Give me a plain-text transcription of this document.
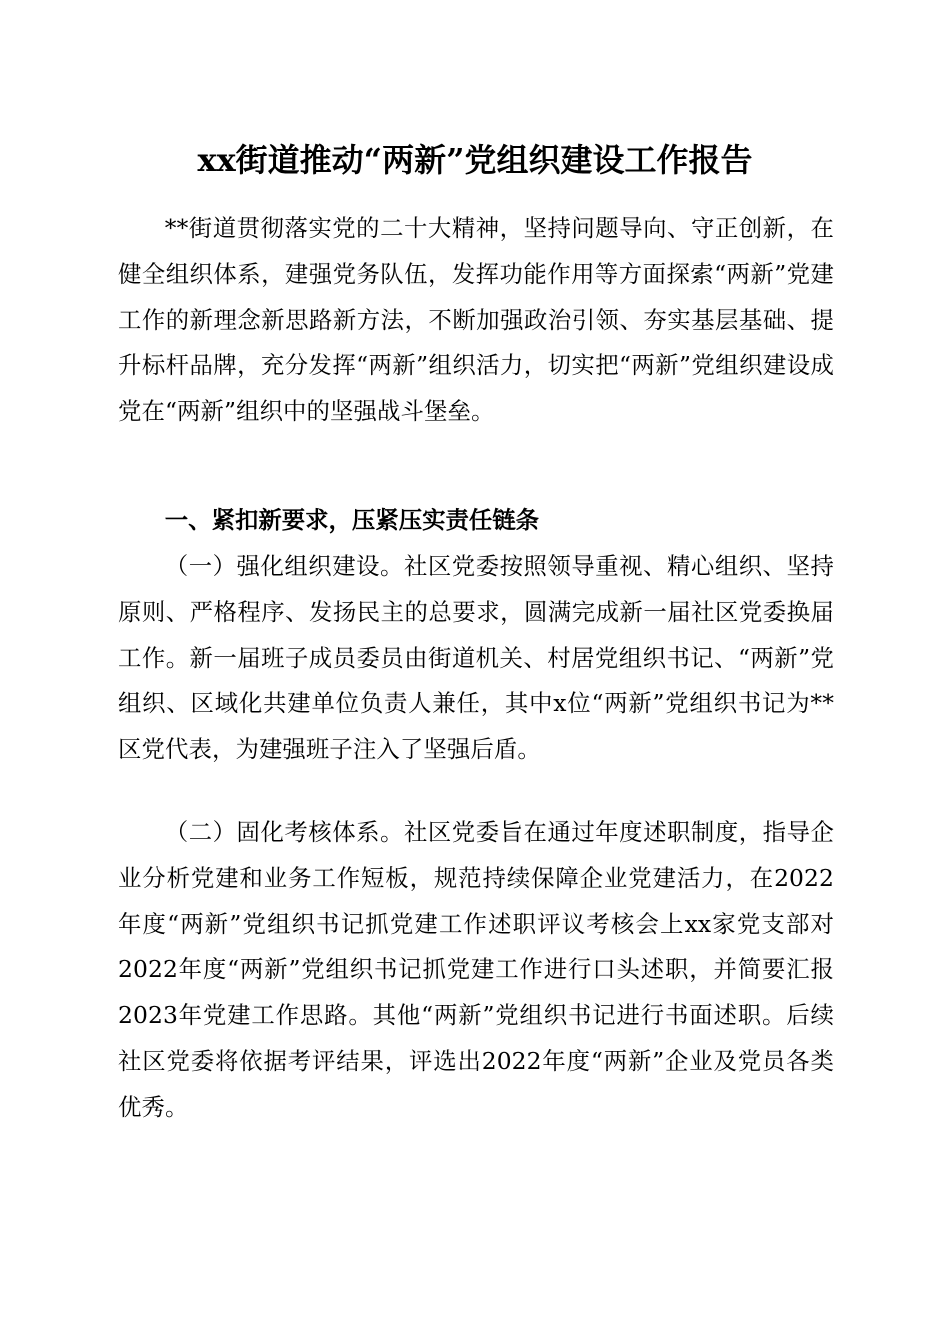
xx街道推动“两新”党组织建设工作报告

**街道贯彻落实党的二十大精神，坚持问题导向、守正创新，在健全组织体系，建强党务队伍，发挥功能作用等方面探索“两新”党建工作的新理念新思路新方法，不断加强政治引领、夯实基层基础、提升标杆品牌，充分发挥“两新”组织活力，切实把“两新”党组织建设成党在“两新”组织中的坚强战斗堡垒。

一、紧扣新要求，压紧压实责任链条

（一）强化组织建设。社区党委按照领导重视、精心组织、坚持原则、严格程序、发扬民主的总要求，圆满完成新一届社区党委换届工作。新一届班子成员委员由街道机关、村居党组织书记、“两新”党组织、区域化共建单位负责人兼任，其中x位“两新”党组织书记为**区党代表，为建强班子注入了坚强后盾。

（二）固化考核体系。社区党委旨在通过年度述职制度，指导企业分析党建和业务工作短板，规范持续保障企业党建活力，在2022年度“两新”党组织书记抓党建工作述职评议考核会上xx家党支部对2022年度“两新”党组织书记抓党建工作进行口头述职，并简要汇报2023年党建工作思路。其他“两新”党组织书记进行书面述职。后续社区党委将依据考评结果，评选出2022年度“两新”企业及党员各类优秀。
